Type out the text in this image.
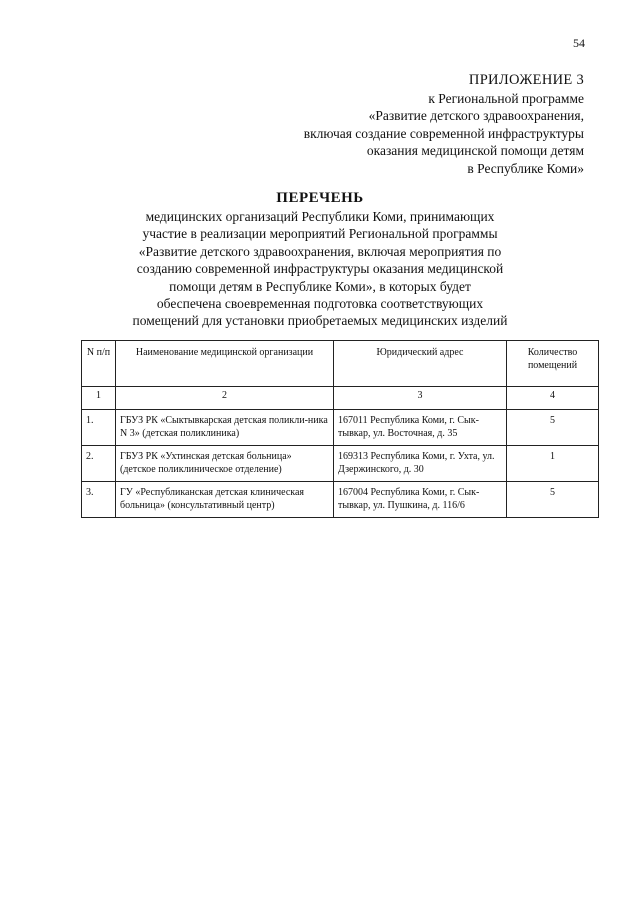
54
ПРИЛОЖЕНИЕ 3
к Региональной программе
«Развитие детского здравоохранения,
включая создание современной инфраструктуры
оказания медицинской помощи детям
в Республике Коми»
ПЕРЕЧЕНЬ
медицинских организаций Республики Коми, принимающих
участие в реализации мероприятий Региональной программы
«Развитие детского здравоохранения, включая мероприятия по
созданию современной инфраструктуры оказания медицинской
помощи детям в Республике Коми», в которых будет
обеспечена своевременная подготовка соответствующих
помещений для установки приобретаемых медицинских изделий
N п/п	Наименование медицинской организации	Юридический адрес	Количество помещений
1	2	3	4
1.	ГБУЗ РК «Сыктывкарская детская поликли-ника N 3» (детская поликлиника)	167011 Республика Коми, г. Сык-тывкар, ул. Восточная, д. 35	5
2.	ГБУЗ РК «Ухтинская детская больница» (детское поликлиническое отделение)	169313 Республика Коми, г. Ухта, ул. Дзержинского, д. 30	1
3.	ГУ «Республиканская детская клиническая больница» (консультативный центр)	167004 Республика Коми, г. Сык-тывкар, ул. Пушкина, д. 116/6	5
